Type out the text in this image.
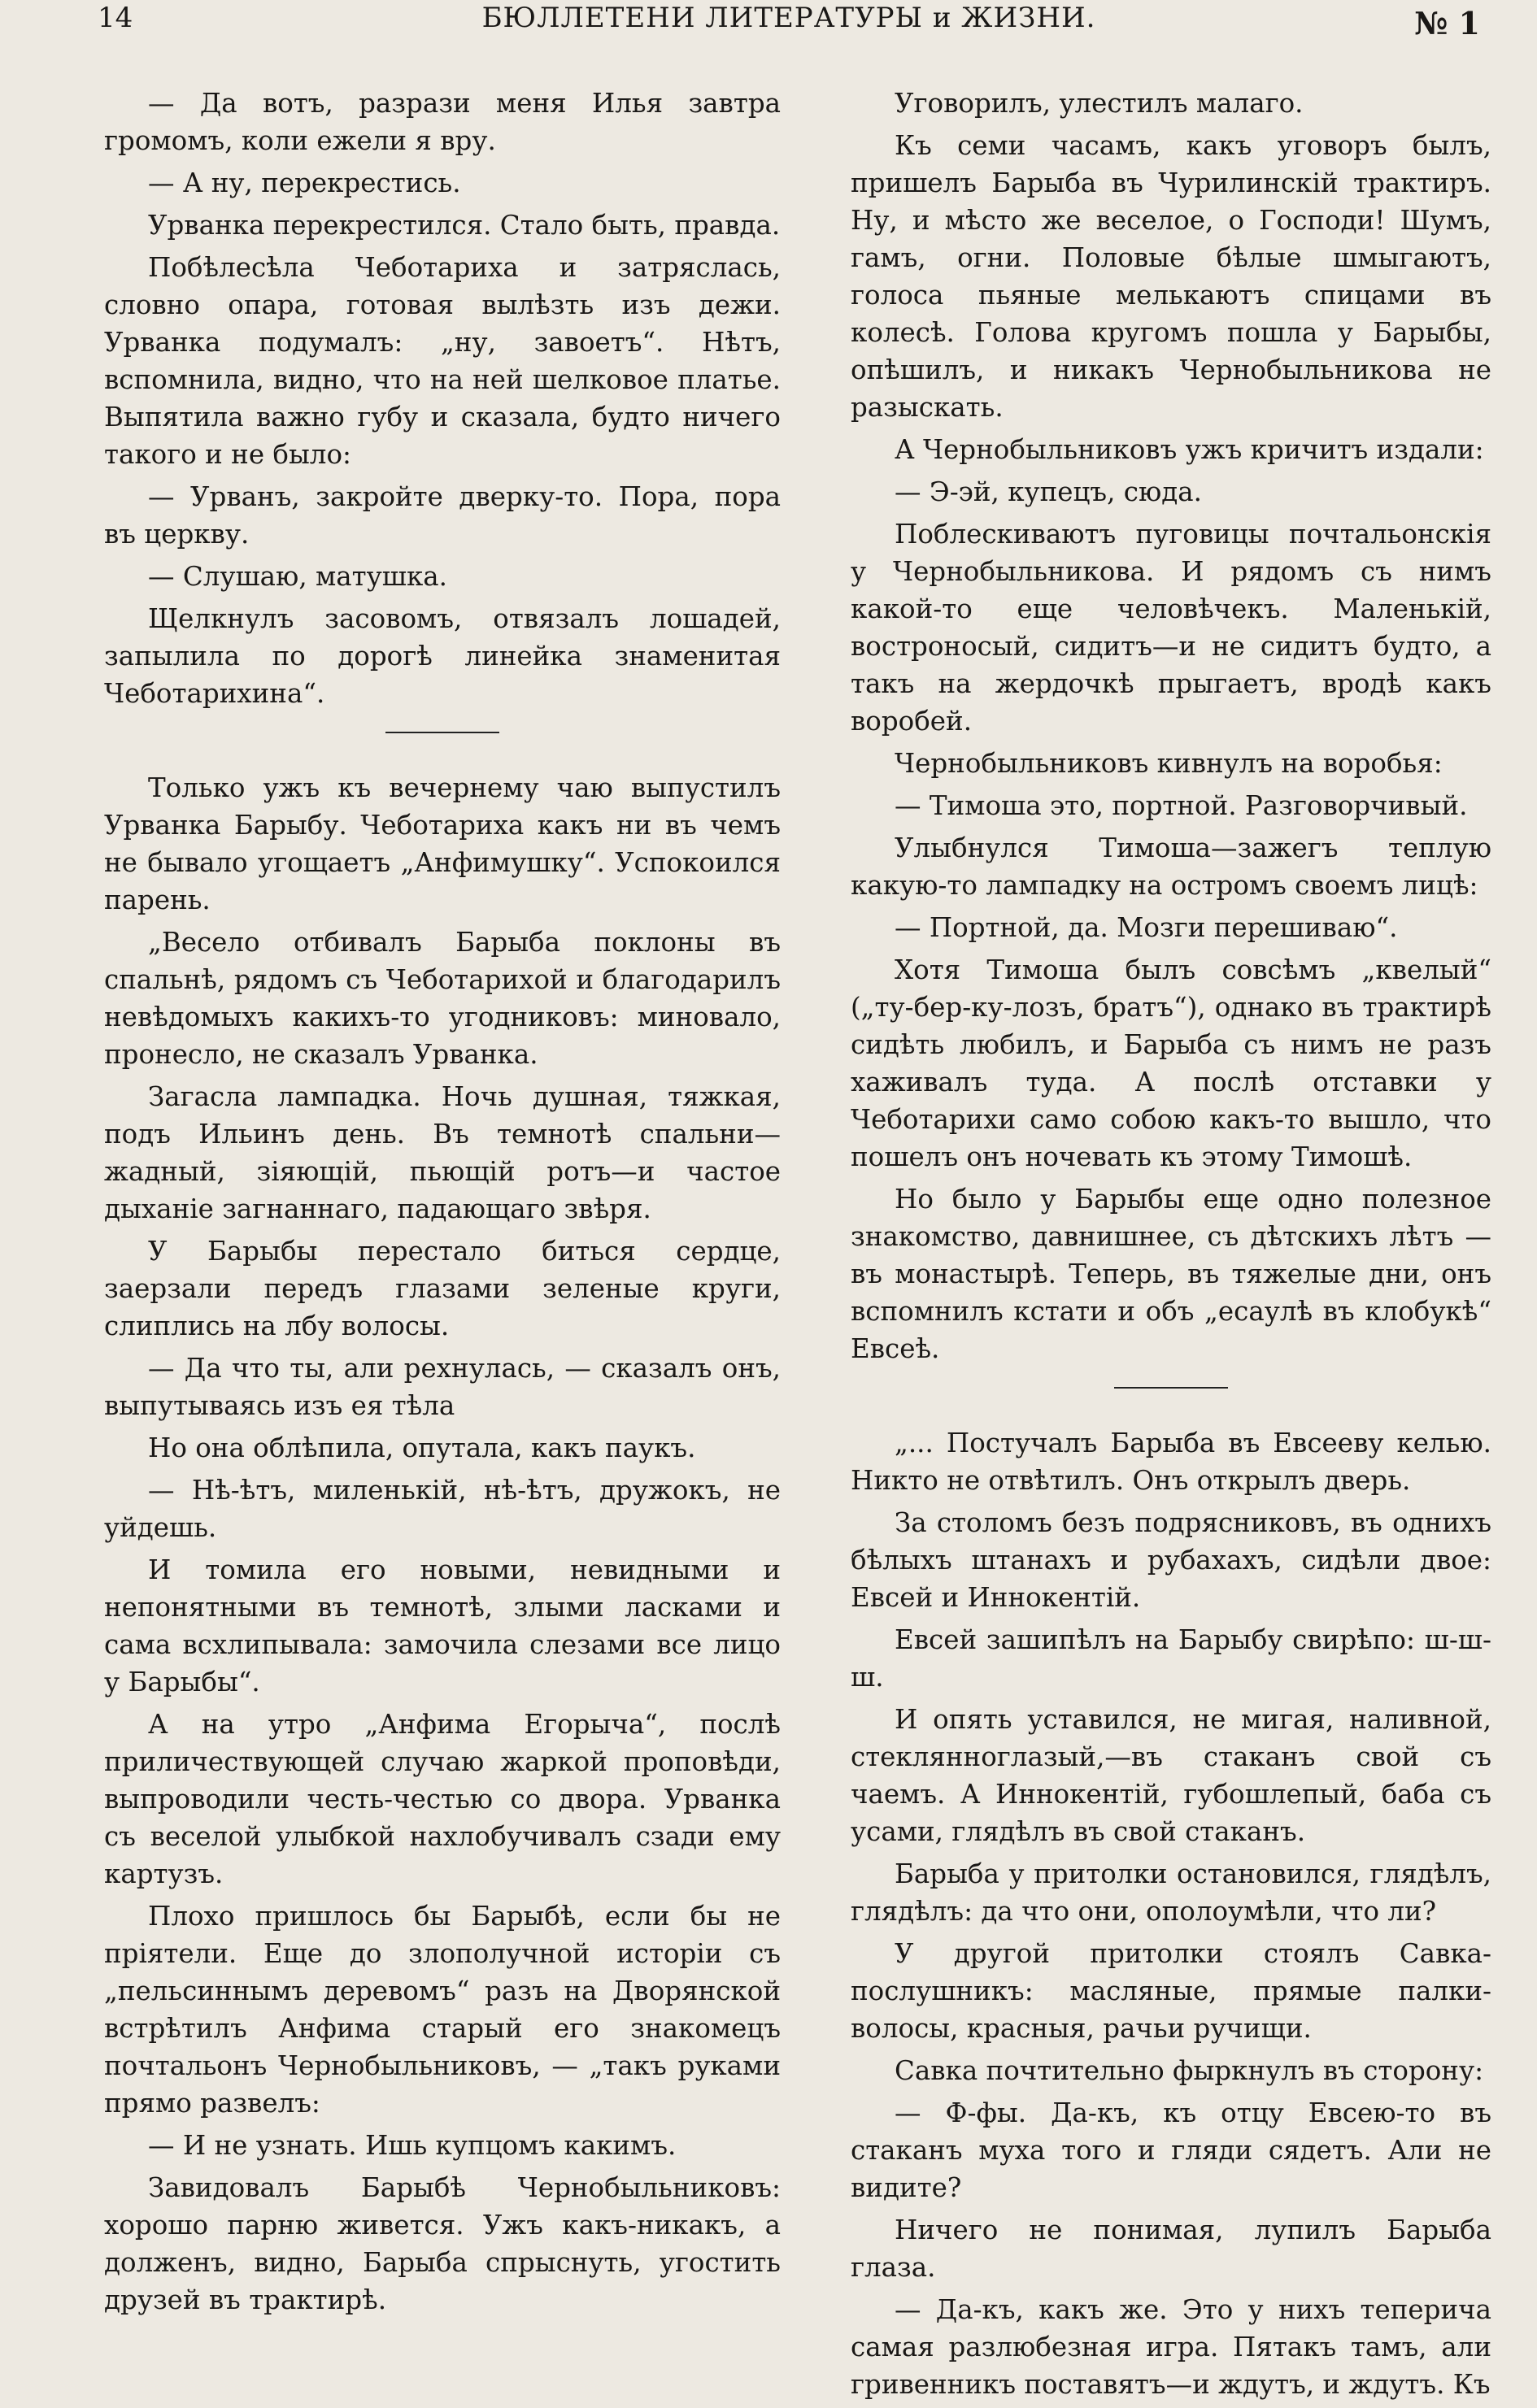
14	БЮЛЛЕТЕНИ ЛИТЕРАТУРЫ и ЖИЗНИ.	№ 1

— Да вотъ, разрази меня Илья завтра громомъ, коли ежели я вру.

— А ну, перекрестись.

Урванка перекрестился. Стало быть, правда.

Побѣлесѣла Чеботариха и затряслась, словно опара, готовая вылѣзть изъ дежи. Урванка подумалъ: „ну, завоетъ“. Нѣтъ, вспомнила, видно, что на ней шелковое платье. Выпятила важно губу и сказала, будто ничего такого и не было:

— Урванъ, закройте дверку-то. Пора, пора въ церкву.

— Слушаю, матушка.

Щелкнулъ засовомъ, отвязалъ лошадей, запылила по дорогѣ линейка знаменитая Чеботарихина“.

Только ужъ къ вечернему чаю выпустилъ Урванка Барыбу. Чеботариха какъ ни въ чемъ не бывало угощаетъ „Анфимушку“. Успокоился парень.

„Весело отбивалъ Барыба поклоны въ спальнѣ, рядомъ съ Чеботарихой и благодарилъ невѣдомыхъ какихъ-то угодниковъ: миновало, пронесло, не сказалъ Урванка.

Загасла лампадка. Ночь душная, тяжкая, подъ Ильинъ день. Въ темнотѣ спальни—жадный, зіяющій, пьющій ротъ—и частое дыханіе загнаннаго, падающаго звѣря.

У Барыбы перестало биться сердце, заерзали передъ глазами зеленые круги, слиплись на лбу волосы.

— Да что ты, али рехнулась, — сказалъ онъ, выпутываясь изъ ея тѣла

Но она облѣпила, опутала, какъ паукъ.

— Нѣ-ѣтъ, миленькій, нѣ-ѣтъ, дружокъ, не уйдешь.

И томила его новыми, невидными и непонятными въ темнотѣ, злыми ласками и сама всхлипывала: замочила слезами все лицо у Барыбы“.

А на утро „Анфима Егорыча“, послѣ приличествующей случаю жаркой проповѣди, выпроводили честь-честью со двора. Урванка съ веселой улыбкой нахлобучивалъ сзади ему картузъ.

Плохо пришлось бы Барыбѣ, если бы не пріятели. Еще до злополучной исторіи съ „пельсиннымъ деревомъ“ разъ на Дворянской встрѣтилъ Анфима старый его знакомецъ почтальонъ Чернобыльниковъ, — „такъ руками прямо развелъ:

— И не узнать. Ишь купцомъ какимъ.

Завидовалъ Барыбѣ Чернобыльниковъ: хорошо парню живется. Ужъ какъ-никакъ, а долженъ, видно, Барыба спрыснуть, угостить друзей въ трактирѣ.

Уговорилъ, улестилъ малаго.

Къ семи часамъ, какъ уговоръ былъ, пришелъ Барыба въ Чурилинскій трактиръ. Ну, и мѣсто же веселое, о Господи! Шумъ, гамъ, огни. Половые бѣлые шмыгаютъ, голоса пьяные мелькаютъ спицами въ колесѣ. Голова кругомъ пошла у Барыбы, опѣшилъ, и никакъ Чернобыльникова не разыскать.

А Чернобыльниковъ ужъ кричитъ издали:

— Э-эй, купецъ, сюда.

Поблескиваютъ пуговицы почтальонскія у Чернобыльникова. И рядомъ съ нимъ какой-то еще человѣчекъ. Маленькій, востроносый, сидитъ—и не сидитъ будто, а такъ на жердочкѣ прыгаетъ, вродѣ какъ воробей.

Чернобыльниковъ кивнулъ на воробья:

— Тимоша это, портной. Разговорчивый.

Улыбнулся Тимоша—зажегъ теплую какую-то лампадку на остромъ своемъ лицѣ:

— Портной, да. Мозги перешиваю“.

Хотя Тимоша былъ совсѣмъ „квелый“ („ту-бер-ку-лозъ, братъ“), однако въ трактирѣ сидѣть любилъ, и Барыба съ нимъ не разъ хаживалъ туда. А послѣ отставки у Чеботарихи само собою какъ-то вышло, что пошелъ онъ ночевать къ этому Тимошѣ.

Но было у Барыбы еще одно полезное знакомство, давнишнее, съ дѣтскихъ лѣтъ — въ монастырѣ. Теперь, въ тяжелые дни, онъ вспомнилъ кстати и объ „есаулѣ въ клобукѣ“ Евсеѣ.

„... Постучалъ Барыба въ Евсееву келью. Никто не отвѣтилъ. Онъ открылъ дверь.

За столомъ безъ подрясниковъ, въ однихъ бѣлыхъ штанахъ и рубахахъ, сидѣли двое: Евсей и Иннокентій.

Евсей зашипѣлъ на Барыбу свирѣпо: ш-ш-ш.

И опять уставился, не мигая, наливной, стекляннoглазый,—въ стаканъ свой съ чаемъ. А Иннокентій, губошлепый, баба съ усами, глядѣлъ въ свой стаканъ.

Барыба у притолки остановился, глядѣлъ, глядѣлъ: да что они, ополоумѣли, что ли?

У другой притолки стоялъ Савка-послушникъ: масляные, прямые палки-волосы, красныя, рачьи ручищи.

Савка почтительно фыркнулъ въ сторону:

— Ф-фы. Да-къ, къ отцу Евсею-то въ стаканъ муха того и гляди сядетъ. Али не видите?

Ничего не понимая, лупилъ Барыба глаза.

— Да-къ, какъ же. Это у нихъ теперича самая разлюбезная игра. Пятакъ тамъ, али гривенникъ поставятъ—и ждутъ, и ждутъ. Къ
